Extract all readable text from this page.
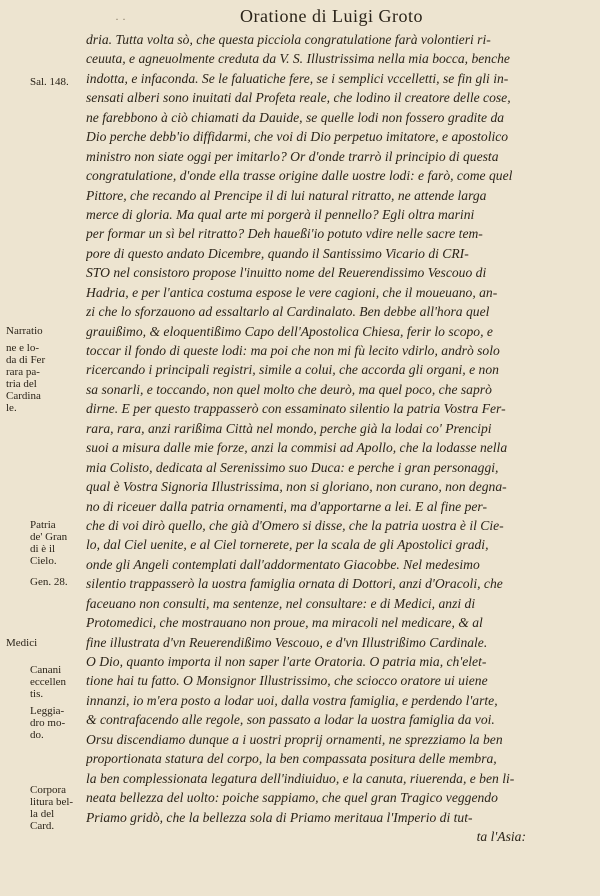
· ·	Oratione di Luigi Groto
dria. Tutta volta sò, che questa picciola congratulatione farà volontieri ri-
ceuuta, e agneuolmente creduta da V. S. Illustrissima nella mia bocca, benche
indotta, e infaconda. Se le faluatiche fere, se i semplici vccelletti, se fin gli in-
sensati alberi sono inuitati dal Profeta reale, che lodino il creatore delle cose,
ne farebbono à ciò chiamati da Dauide, se quelle lodi non fossero gradite da
Dio perche debb'io diffidarmi, che voi di Dio perpetuo imitatore, e apostolico
ministro non siate oggi per imitarlo? Or d'onde trarrò il principio di questa
congratulatione, d'onde ella trasse origine dalle uostre lodi: e farò, come quel
Pittore, che recando al Prencipe il di lui natural ritratto, ne attende larga
merce di gloria. Ma qual arte mi porgerà il pennello? Egli oltra marini
per formar un sì bel ritratto? Deh haueßi'io potuto vdire nelle sacre tem-
pore di questo andato Dicembre, quando il Santissimo Vicario di CRI-
STO nel consistoro propose l'inuitto nome del Reuerendissimo Vescouo di
Hadria, e per l'antica costuma espose le vere cagioni, che il moueuano, an-
zi che lo sforzauono ad essaltarlo al Cardinalato. Ben debbe all'hora quel
grauißimo, & eloquentißimo Capo dell'Apostolica Chiesa, ferir lo scopo, e
toccar il fondo di queste lodi: ma poi che non mi fù lecito vdirlo, andrò solo
ricercando i principali registri, simile a colui, che accorda gli organi, e non
sa sonarli, e toccando, non quel molto che deurò, ma quel poco, che saprò
dirne. E per questo trappasserò con essaminato silentio la patria Vostra Fer-
rara, rara, anzi rarißima Città nel mondo, perche già la lodai co' Prencipi
suoi a misura dalle mie forze, anzi la commisi ad Apollo, che la lodasse nella
mia Colisto, dedicata al Serenissimo suo Duca: e perche i gran personaggi,
qual è Vostra Signoria Illustrissima, non si gloriano, non curano, non degna-
no di riceuer dalla patria ornamenti, ma d'apportarne a lei. E al fine per-
che di voi dirò quello, che già d'Omero si disse, che la patria uostra è il Cie-
lo, dal Ciel uenite, e al Ciel tornerete, per la scala de gli Apostolici gradi,
onde gli Angeli contemplati dall'addormentato Giacobbe. Nel medesimo
silentio trappasserò la uostra famiglia ornata di Dottori, anzi d'Oracoli, che
faceuano non consulti, ma sentenze, nel consultare: e di Medici, anzi di
Protomedici, che mostrauano non proue, ma miracoli nel medicare, & al
fine illustrata d'vn Reuerendißimo Vescouo, e d'vn Illustrißimo Cardinale.
O Dio, quanto importa il non saper l'arte Oratoria. O patria mia, ch'elet-
tione hai tu fatto. O Monsignor Illustrissimo, che sciocco oratore ui uiene
innanzi, io m'era posto a lodar uoi, dalla vostra famiglia, e perdendo l'arte,
& contrafacendo alle regole, son passato a lodar la uostra famiglia da voi.
Orsu discendiamo dunque a i uostri proprij ornamenti, ne sprezziamo la ben
proportionata statura del corpo, la ben compassata positura delle membra,
la ben complessionata legatura dell'indiuiduo, e la canuta, riuerenda, e ben li-
neata bellezza del uolto: poiche sappiamo, che quel gran Tragico veggendo
Priamo gridò, che la bellezza sola di Priamo meritaua l'Imperio di tut-
ta l'Asia:
Sal. 148.
Narratio
ne e lo-
da di Fer
rara pa-
tria del
Cardina
le.
Patria
de' Gran
di è il
Cielo.
Gen. 28.
Medici
Canani
eccellen
tis.
Leggia-
dro mo-
do.
Corpora
litura bel-
la del
Card.
